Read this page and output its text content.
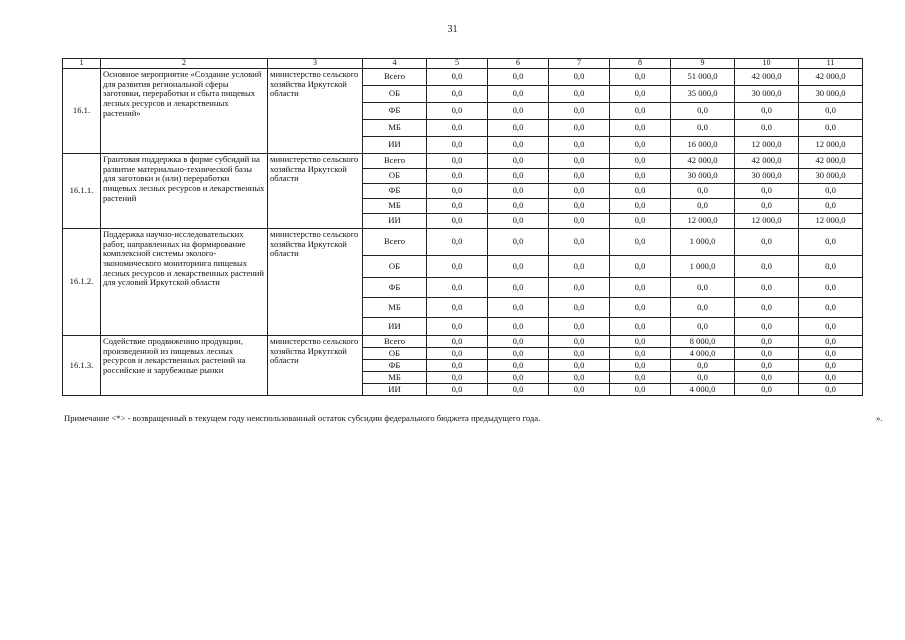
31
1	2	3	4	5	6	7	8	9	10	11
16.1.	Основное мероприятие «Создание условий для развития региональной сферы заготовки, переработки и сбыта пищевых лесных ресурсов и лекарственных растений»	министерство сельского хозяйства Иркутской области	Всего	0,0	0,0	0,0	0,0	51 000,0	42 000,0	42 000,0
			ОБ	0,0	0,0	0,0	0,0	35 000,0	30 000,0	30 000,0
			ФБ	0,0	0,0	0,0	0,0	0,0	0,0	0,0
			МБ	0,0	0,0	0,0	0,0	0,0	0,0	0,0
			ИИ	0,0	0,0	0,0	0,0	16 000,0	12 000,0	12 000,0
16.1.1.	Грантовая поддержка в форме субсидий на развитие материально-технической базы для заготовки и (или) переработки пищевых лесных ресурсов и лекарственных растений	министерство сельского хозяйства Иркутской области	Всего	0,0	0,0	0,0	0,0	42 000,0	42 000,0	42 000,0
			ОБ	0,0	0,0	0,0	0,0	30 000,0	30 000,0	30 000,0
			ФБ	0,0	0,0	0,0	0,0	0,0	0,0	0,0
			МБ	0,0	0,0	0,0	0,0	0,0	0,0	0,0
			ИИ	0,0	0,0	0,0	0,0	12 000,0	12 000,0	12 000,0
16.1.2.	Поддержка научно-исследовательских работ, направленных на формирование комплексной системы эколого-экономического мониторинга пищевых лесных ресурсов и лекарственных растений для условий Иркутской области	министерство сельского хозяйства Иркутской области	Всего	0,0	0,0	0,0	0,0	1 000,0	0,0	0,0
			ОБ	0,0	0,0	0,0	0,0	1 000,0	0,0	0,0
			ФБ	0,0	0,0	0,0	0,0	0,0	0,0	0,0
			МБ	0,0	0,0	0,0	0,0	0,0	0,0	0,0
			ИИ	0,0	0,0	0,0	0,0	0,0	0,0	0,0
16.1.3.	Содействие продвижению продукции, произведенной из пищевых лесных ресурсов и лекарственных растений на российские и зарубежные рынки	министерство сельского хозяйства Иркутской области	Всего	0,0	0,0	0,0	0,0	8 000,0	0,0	0,0
			ОБ	0,0	0,0	0,0	0,0	4 000,0	0,0	0,0
			ФБ	0,0	0,0	0,0	0,0	0,0	0,0	0,0
			МБ	0,0	0,0	0,0	0,0	0,0	0,0	0,0
			ИИ	0,0	0,0	0,0	0,0	4 000,0	0,0	0,0
Примечание <*> - возвращенный в текущем году неиспользованный остаток субсидии федерального бюджета предыдущего года.	».
